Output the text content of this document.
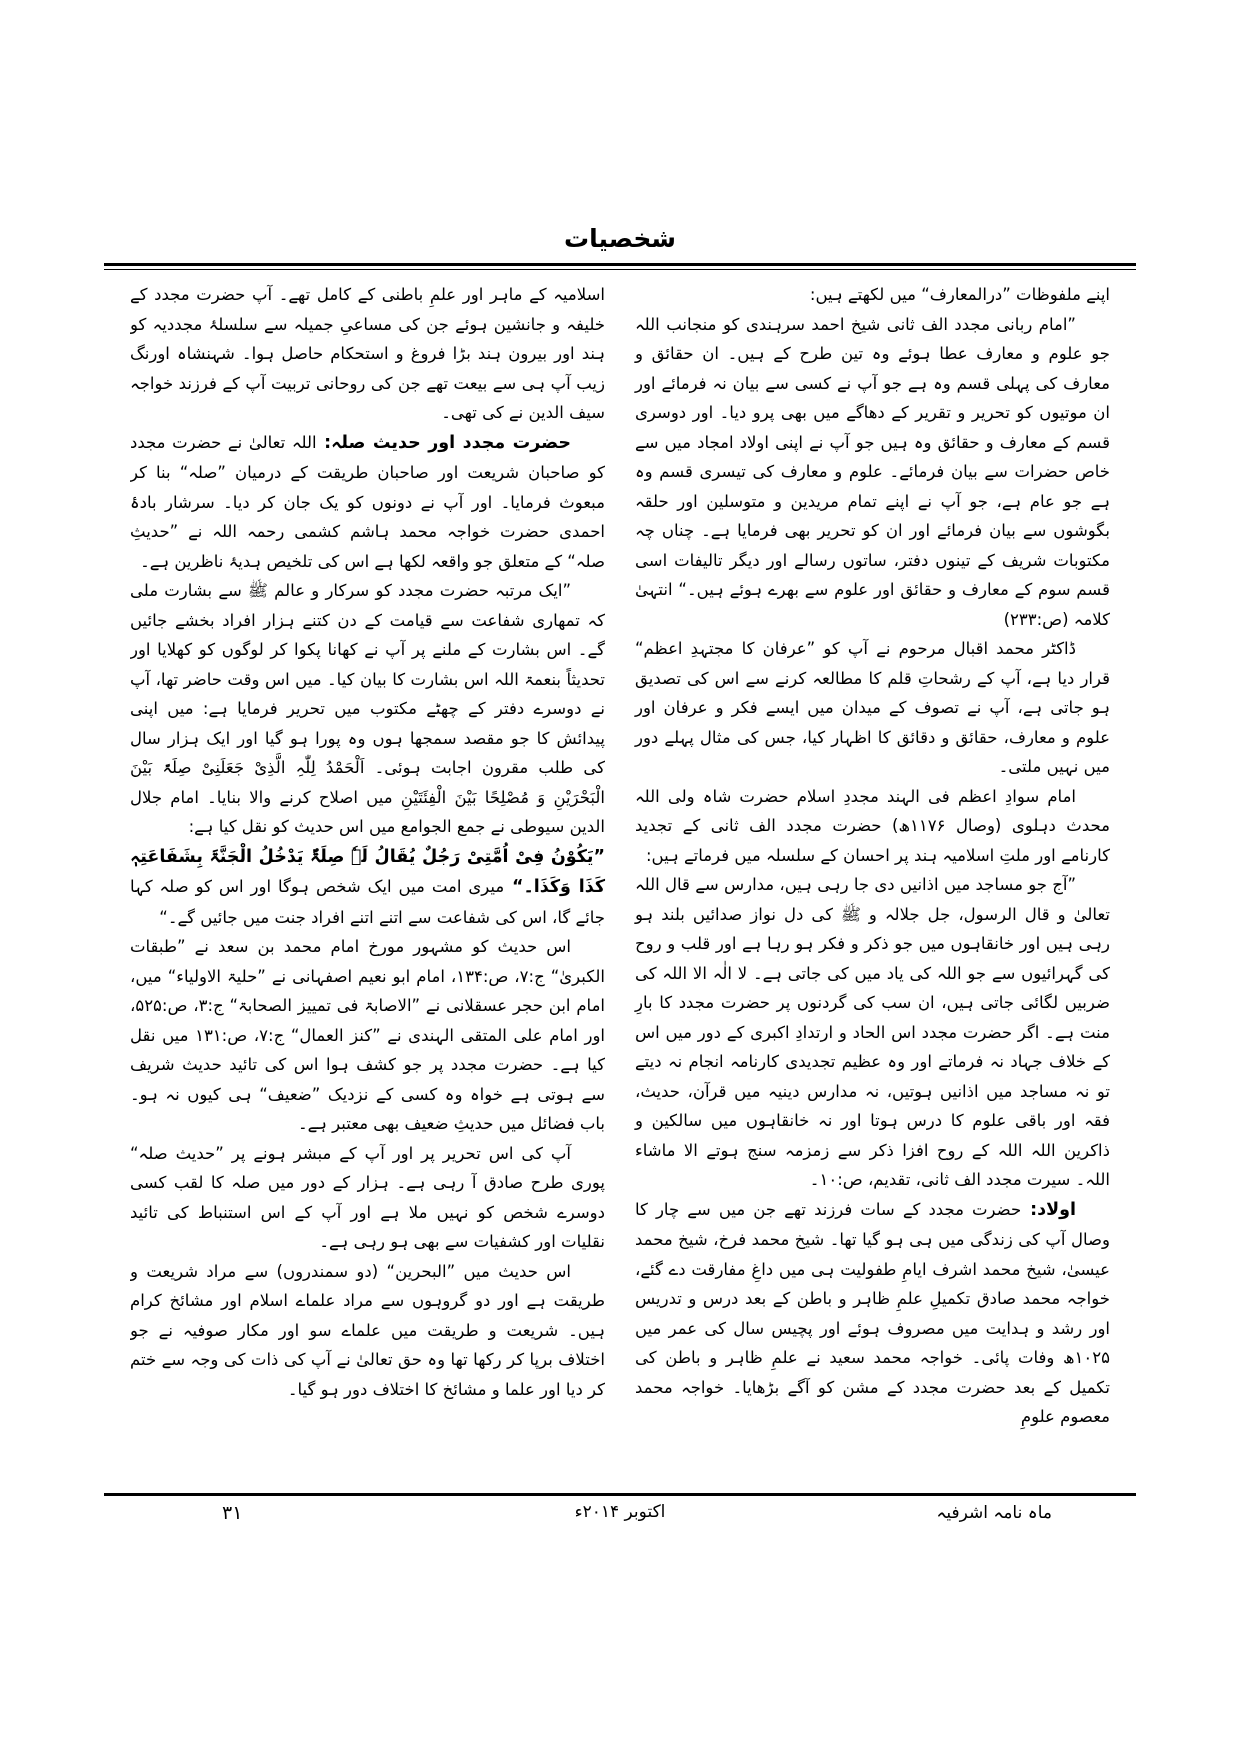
شخصیات

اپنے ملفوظات ”درالمعارف“ میں لکھتے ہیں:

”امام ربانی مجدد الف ثانی شیخ احمد سرہندی کو منجانب اللہ جو علوم و معارف عطا ہوئے وہ تین طرح کے ہیں۔ ان حقائق و معارف کی پہلی قسم وہ ہے جو آپ نے کسی سے بیان نہ فرمائے اور ان موتیوں کو تحریر و تقریر کے دھاگے میں بھی پرو دیا۔ اور دوسری قسم کے معارف و حقائق وہ ہیں جو آپ نے اپنی اولاد امجاد میں سے خاص حضرات سے بیان فرمائے۔ علوم و معارف کی تیسری قسم وہ ہے جو عام ہے، جو آپ نے اپنے تمام مریدین و متوسلین اور حلقہ بگوشوں سے بیان فرمائے اور ان کو تحریر بھی فرمایا ہے۔ چناں چہ مکتوبات شریف کے تینوں دفتر، ساتوں رسالے اور دیگر تالیفات اسی قسم سوم کے معارف و حقائق اور علوم سے بھرے ہوئے ہیں۔“ انتہیٰ کلامہ (ص:۲۳۳)

ڈاکٹر محمد اقبال مرحوم نے آپ کو ”عرفان کا مجتہدِ اعظم“ قرار دیا ہے، آپ کے رشحاتِ قلم کا مطالعہ کرنے سے اس کی تصدیق ہو جاتی ہے، آپ نے تصوف کے میدان میں ایسے فکر و عرفان اور علوم و معارف، حقائق و دقائق کا اظہار کیا، جس کی مثال پہلے دور میں نہیں ملتی۔

امام سوادِ اعظم فی الہند مجددِ اسلام حضرت شاہ ولی اللہ محدث دہلوی (وصال ۱۱۷۶ھ) حضرت مجدد الف ثانی کے تجدید کارنامے اور ملتِ اسلامیہ ہند پر احسان کے سلسلہ میں فرماتے ہیں:

”آج جو مساجد میں اذانیں دی جا رہی ہیں، مدارس سے قال اللہ تعالیٰ و قال الرسول، جل جلالہ و ﷺ کی دل نواز صدائیں بلند ہو رہی ہیں اور خانقاہوں میں جو ذکر و فکر ہو رہا ہے اور قلب و روح کی گہرائیوں سے جو اللہ کی یاد میں کی جاتی ہے۔ لا الٰہ الا اللہ کی ضربیں لگائی جاتی ہیں، ان سب کی گردنوں پر حضرت مجدد کا بارِ منت ہے۔ اگر حضرت مجدد اس الحاد و ارتدادِ اکبری کے دور میں اس کے خلاف جہاد نہ فرماتے اور وہ عظیم تجدیدی کارنامہ انجام نہ دیتے تو نہ مساجد میں اذانیں ہوتیں، نہ مدارس دینیہ میں قرآن، حدیث، فقہ اور باقی علوم کا درس ہوتا اور نہ خانقاہوں میں سالکین و ذاکرین اللہ اللہ کے روح افزا ذکر سے زمزمہ سنج ہوتے الا ماشاء اللہ۔ سیرت مجدد الف ثانی، تقدیم، ص:۱۰۔

اولاد: حضرت مجدد کے سات فرزند تھے جن میں سے چار کا وصال آپ کی زندگی میں ہی ہو گیا تھا۔ شیخ محمد فرخ، شیخ محمد عیسیٰ، شیخ محمد اشرف ایامِ طفولیت ہی میں داغِ مفارقت دے گئے، خواجہ محمد صادق تکمیلِ علمِ ظاہر و باطن کے بعد درس و تدریس اور رشد و ہدایت میں مصروف ہوئے اور پچیس سال کی عمر میں ۱۰۲۵ھ وفات پائی۔ خواجہ محمد سعید نے علمِ ظاہر و باطن کی تکمیل کے بعد حضرت مجدد کے مشن کو آگے بڑھایا۔ خواجہ محمد معصوم علومِ

اسلامیہ کے ماہر اور علمِ باطنی کے کامل تھے۔ آپ حضرت مجدد کے خلیفہ و جانشین ہوئے جن کی مساعیِ جمیلہ سے سلسلۂ مجددیہ کو ہند اور بیرون ہند بڑا فروغ و استحکام حاصل ہوا۔ شہنشاہ اورنگ زیب آپ ہی سے بیعت تھے جن کی روحانی تربیت آپ کے فرزند خواجہ سیف الدین نے کی تھی۔

حضرت مجدد اور حدیث صلہ: اللہ تعالیٰ نے حضرت مجدد کو صاحبان شریعت اور صاحبان طریقت کے درمیان ”صلہ“ بنا کر مبعوث فرمایا۔ اور آپ نے دونوں کو یک جان کر دیا۔ سرشار بادۂ احمدی حضرت خواجہ محمد ہاشم کشمی رحمہ اللہ نے ”حدیثِ صلہ“ کے متعلق جو واقعہ لکھا ہے اس کی تلخیص ہدیۂ ناظرین ہے۔

”ایک مرتبہ حضرت مجدد کو سرکار و عالم ﷺ سے بشارت ملی کہ تمھاری شفاعت سے قیامت کے دن کتنے ہزار افراد بخشے جائیں گے۔ اس بشارت کے ملنے پر آپ نے کھانا پکوا کر لوگوں کو کھلایا اور تحدیثاً بنعمۃ اللہ اس بشارت کا بیان کیا۔ میں اس وقت حاضر تھا، آپ نے دوسرے دفتر کے چھٹے مکتوب میں تحریر فرمایا ہے: میں اپنی پیدائش کا جو مقصد سمجھا ہوں وہ پورا ہو گیا اور ایک ہزار سال کی طلب مقرون اجابت ہوئی۔ اَلْحَمْدُ لِلّٰہِ الَّذِیْ جَعَلَنِیْ صِلَۃً بَیْنَ الْبَحْرَیْنِ وَ مُصْلِحًا بَیْنَ الْفِئَتَیْنِ میں اصلاح کرنے والا بنایا۔ امام جلال الدین سیوطی نے جمع الجوامع میں اس حدیث کو نقل کیا ہے:

”یَکُوْنُ فِیْ اُمَّتِیْ رَجُلٌ یُقَالُ لَہٗ صِلَۃٌ یَدْخُلُ الْجَنَّۃَ بِشَفَاعَتِہٖ کَذَا وَکَذَا۔“ میری امت میں ایک شخص ہوگا اور اس کو صلہ کہا جائے گا، اس کی شفاعت سے اتنے اتنے افراد جنت میں جائیں گے۔“

اس حدیث کو مشہور مورخ امام محمد بن سعد نے ”طبقات الکبریٰ“ ج:۷، ص:۱۳۴، امام ابو نعیم اصفہانی نے ”حلیۃ الاولیاء“ میں، امام ابن حجر عسقلانی نے ”الاصابۃ فی تمییز الصحابۃ“ ج:۳، ص:۵۲۵، اور امام علی المتقی الہندی نے ”کنز العمال“ ج:۷، ص:۱۳۱ میں نقل کیا ہے۔ حضرت مجدد پر جو کشف ہوا اس کی تائید حدیث شریف سے ہوتی ہے خواہ وہ کسی کے نزدیک ”ضعیف“ ہی کیوں نہ ہو۔ باب فضائل میں حدیثِ ضعیف بھی معتبر ہے۔

آپ کی اس تحریر پر اور آپ کے مبشر ہونے پر ”حدیث صلہ“ پوری طرح صادق آ رہی ہے۔ ہزار کے دور میں صلہ کا لقب کسی دوسرے شخص کو نہیں ملا ہے اور آپ کے اس استنباط کی تائید نقلیات اور کشفیات سے بھی ہو رہی ہے۔

اس حدیث میں ”البحرین“ (دو سمندروں) سے مراد شریعت و طریقت ہے اور دو گروہوں سے مراد علماے اسلام اور مشائخ کرام ہیں۔ شریعت و طریقت میں علماے سو اور مکار صوفیہ نے جو اختلاف برپا کر رکھا تھا وہ حق تعالیٰ نے آپ کی ذات کی وجہ سے ختم کر دیا اور علما و مشائخ کا اختلاف دور ہو گیا۔

ماہ نامہ اشرفیہ
اکتوبر ۲۰۱۴ء
۳۱
